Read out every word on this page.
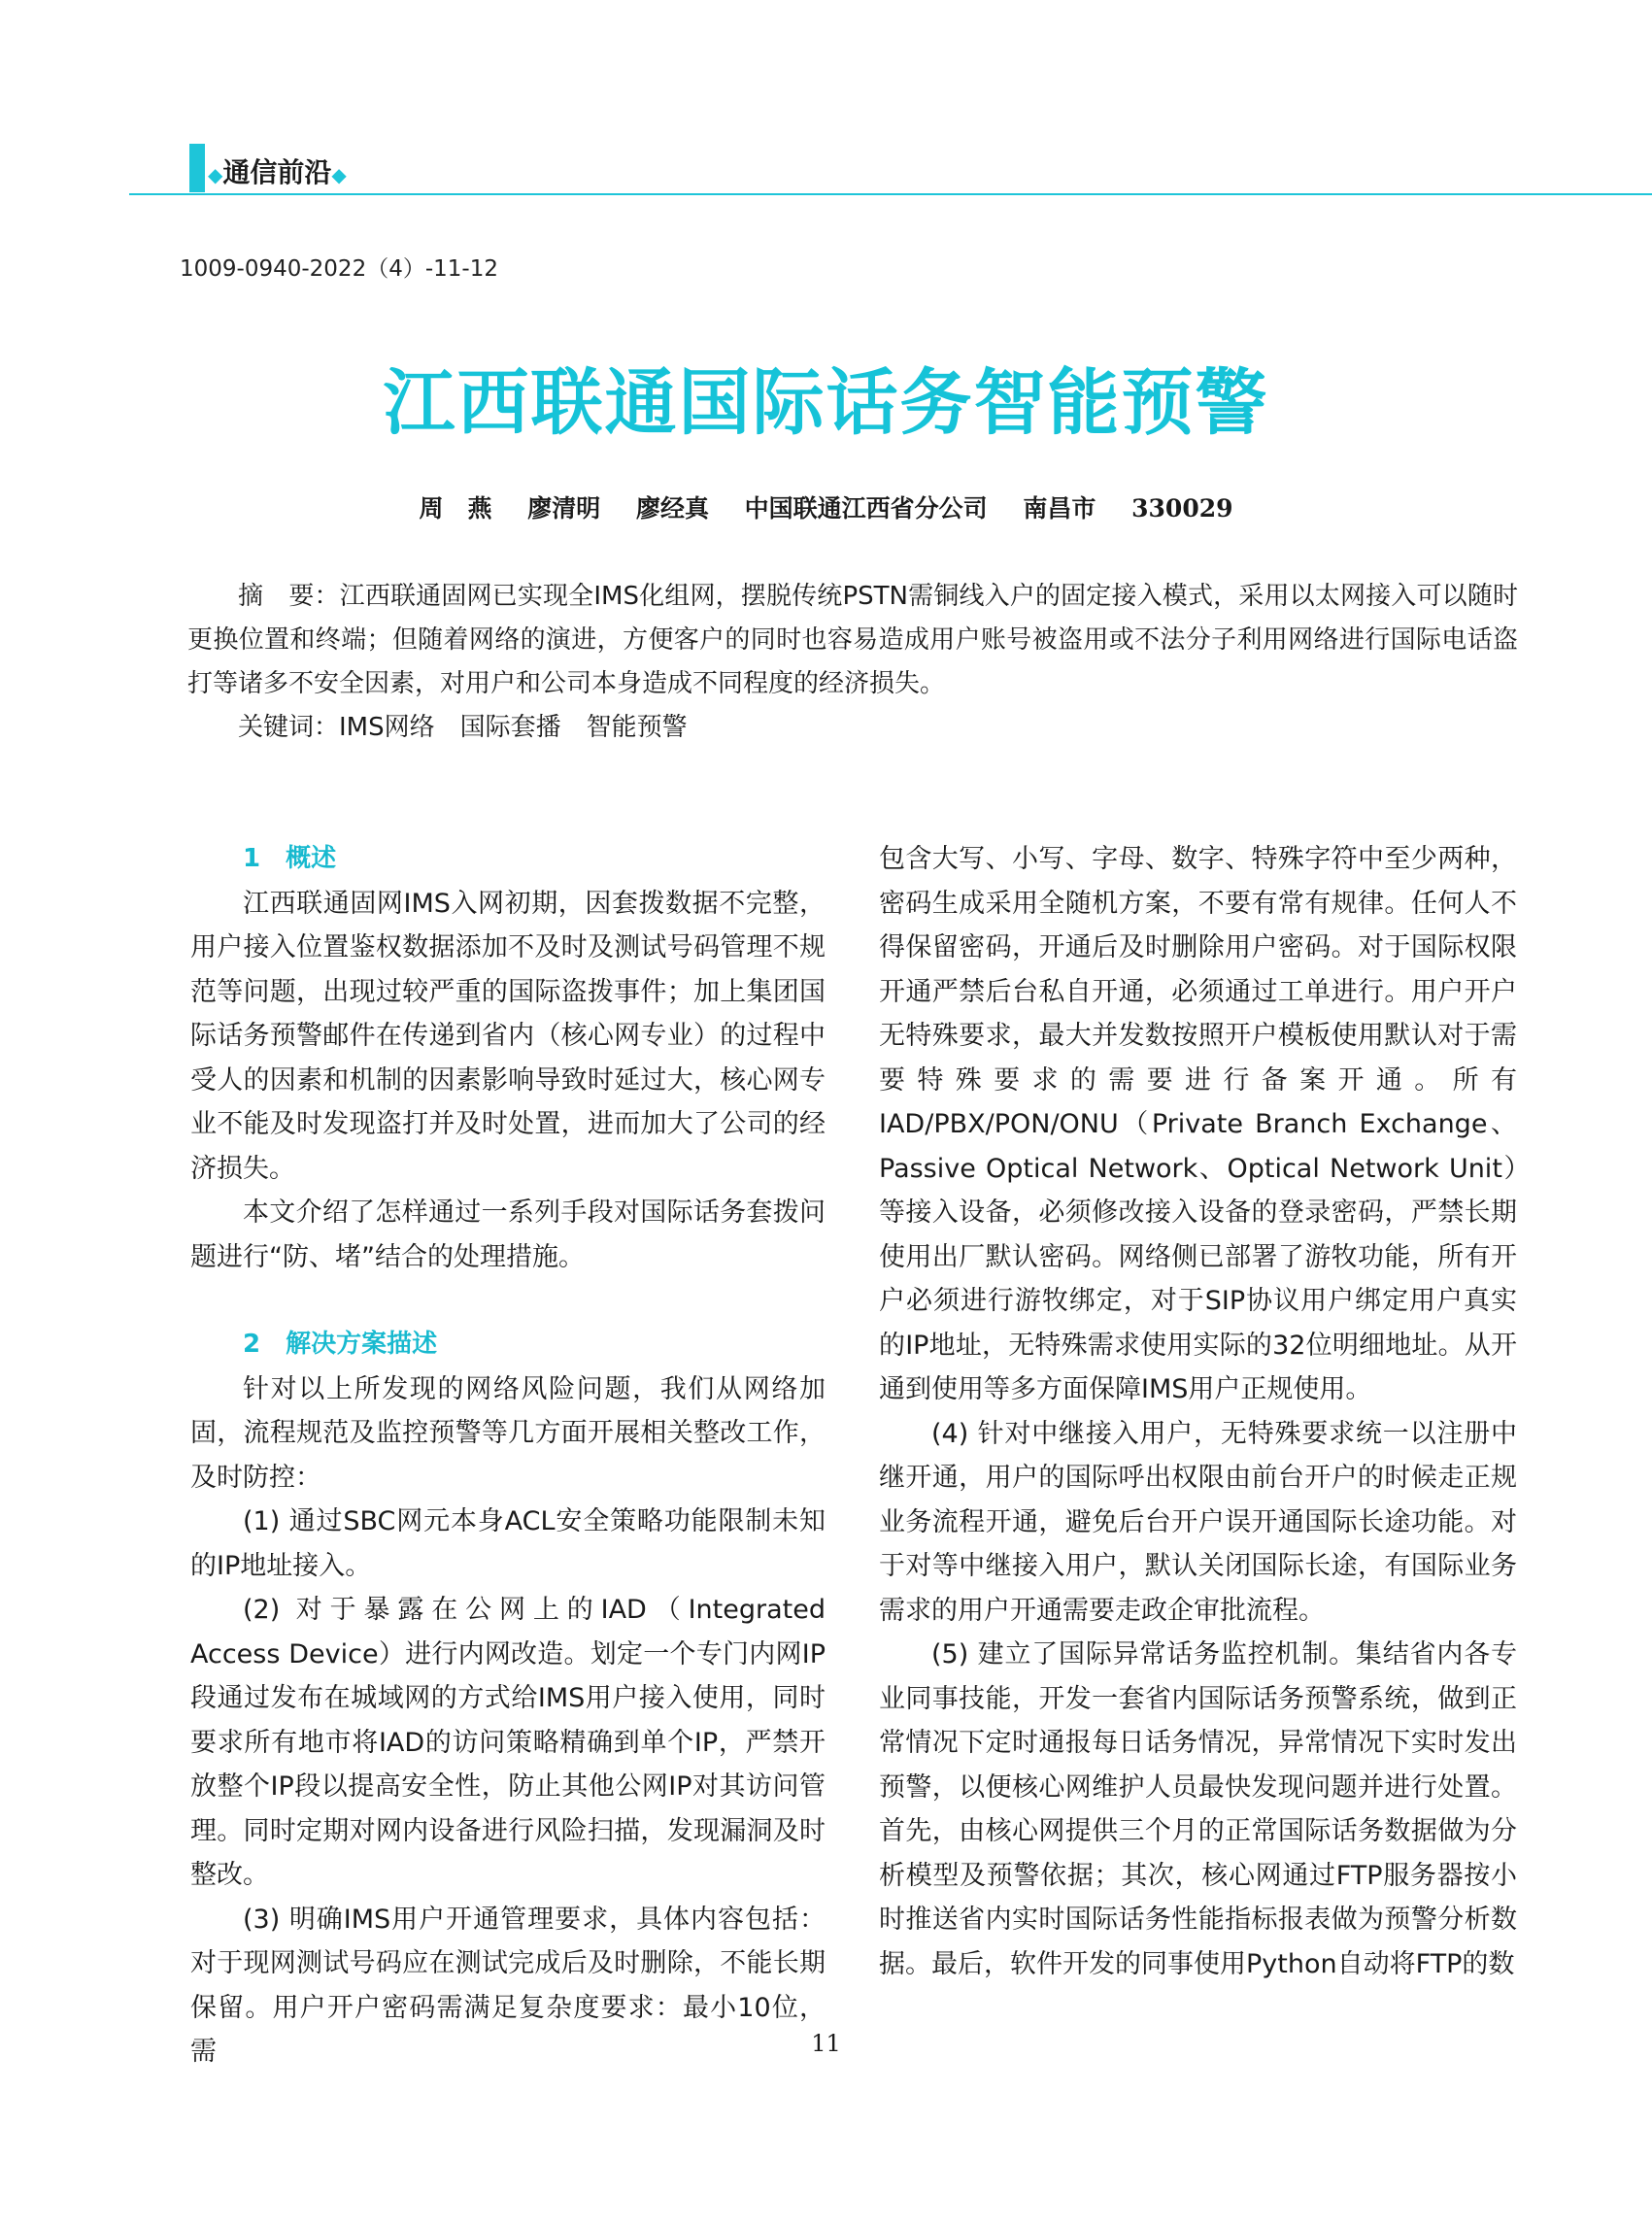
◆通信前沿◆
1009-0940-2022（4）-11-12
江西联通国际话务智能预警
周　燕 廖清明 廖经真 中国联通江西省分公司 南昌市 330029

摘　要：江西联通固网已实现全IMS化组网，摆脱传统PSTN需铜线入户的固定接入模式，采用以太网接入可以随时更换位置和终端；但随着网络的演进，方便客户的同时也容易造成用户账号被盗用或不法分子利用网络进行国际电话盗打等诸多不安全因素，对用户和公司本身造成不同程度的经济损失。

关键词：IMS网络　国际套播　智能预警

1　概述

江西联通固网IMS入网初期，因套拨数据不完整，用户接入位置鉴权数据添加不及时及测试号码管理不规范等问题，出现过较严重的国际盗拨事件；加上集团国际话务预警邮件在传递到省内（核心网专业）的过程中受人的因素和机制的因素影响导致时延过大，核心网专业不能及时发现盗打并及时处置，进而加大了公司的经济损失。

本文介绍了怎样通过一系列手段对国际话务套拨问题进行“防、堵”结合的处理措施。

2　解决方案描述

针对以上所发现的网络风险问题，我们从网络加固，流程规范及监控预警等几方面开展相关整改工作，及时防控：

(1) 通过SBC网元本身ACL安全策略功能限制未知的IP地址接入。

(2) 对于暴露在公网上的IAD（Integrated Access Device）进行内网改造。划定一个专门内网IP段通过发布在城域网的方式给IMS用户接入使用，同时要求所有地市将IAD的访问策略精确到单个IP，严禁开放整个IP段以提高安全性，防止其他公网IP对其访问管理。同时定期对网内设备进行风险扫描，发现漏洞及时整改。

(3) 明确IMS用户开通管理要求，具体内容包括：对于现网测试号码应在测试完成后及时删除，不能长期保留。用户开户密码需满足复杂度要求：最小10位，需

包含大写、小写、字母、数字、特殊字符中至少两种，密码生成采用全随机方案，不要有常有规律。任何人不得保留密码，开通后及时删除用户密码。对于国际权限开通严禁后台私自开通，必须通过工单进行。用户开户无特殊要求，最大并发数按照开户模板使用默认对于需要特殊要求的需要进行备案开通。所有IAD/PBX/PON/ONU（Private Branch Exchange、Passive Optical Network、Optical Network Unit）等接入设备，必须修改接入设备的登录密码，严禁长期使用出厂默认密码。网络侧已部署了游牧功能，所有开户必须进行游牧绑定，对于SIP协议用户绑定用户真实的IP地址，无特殊需求使用实际的32位明细地址。从开通到使用等多方面保障IMS用户正规使用。

(4) 针对中继接入用户，无特殊要求统一以注册中继开通，用户的国际呼出权限由前台开户的时候走正规业务流程开通，避免后台开户误开通国际长途功能。对于对等中继接入用户，默认关闭国际长途，有国际业务需求的用户开通需要走政企审批流程。

(5) 建立了国际异常话务监控机制。集结省内各专业同事技能，开发一套省内国际话务预警系统，做到正常情况下定时通报每日话务情况，异常情况下实时发出预警，以便核心网维护人员最快发现问题并进行处置。首先，由核心网提供三个月的正常国际话务数据做为分析模型及预警依据；其次，核心网通过FTP服务器按小时推送省内实时国际话务性能指标报表做为预警分析数据。最后，软件开发的同事使用Python自动将FTP的数

11
